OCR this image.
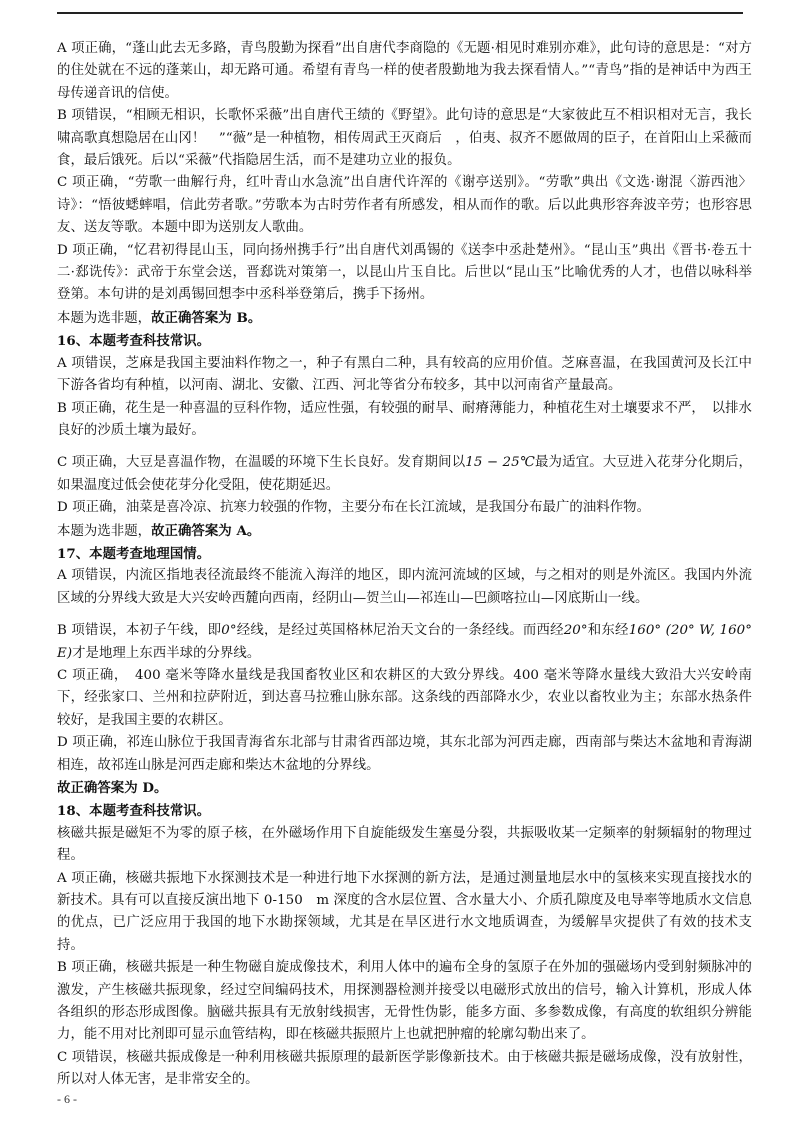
A 项正确，“蓬山此去无多路，青鸟殷勤为探看”出自唐代李商隐的《无题·相见时难别亦难》，此句诗的意思是：“对方的住处就在不远的蓬莱山，却无路可通。希望有青鸟一样的使者殷勤地为我去探看情人。”“青鸟”指的是神话中为西王母传递音讯的信使。

B 项错误，“相顾无相识，长歌怀采薇”出自唐代王绩的《野望》。此句诗的意思是“大家彼此互不相识相对无言，我长啸高歌真想隐居在山冈！　”“薇”是一种植物，相传周武王灭商后　，伯夷、叔齐不愿做周的臣子，在首阳山上采薇而食，最后饿死。后以“采薇”代指隐居生活，而不是建功立业的报负。

C 项正确，“劳歌一曲解行舟，红叶青山水急流”出自唐代许浑的《谢亭送别》。“劳歌”典出《文选·谢混〈游西池〉诗》：“悟彼蟋蟀唱，信此劳者歌。”劳歌本为古时劳作者有所感发，相从而作的歌。后以此典形容奔波辛劳；也形容思友、送友等歌。本题中即为送别友人歌曲。

D 项正确，“忆君初得昆山玉，同向扬州携手行”出自唐代刘禹锡的《送李中丞赴楚州》。“昆山玉”典出《晋书·卷五十二·郄诜传》：武帝于东堂会送，晋郄诜对策第一，以昆山片玉自比。后世以“昆山玉”比喻优秀的人才，也借以咏科举登第。本句讲的是刘禹锡回想李中丞科举登第后，携手下扬州。

本题为选非题，故正确答案为 B。

16、本题考查科技常识。

A 项错误，芝麻是我国主要油料作物之一，种子有黑白二种，具有较高的应用价值。芝麻喜温，在我国黄河及长江中下游各省均有种植，以河南、湖北、安徽、江西、河北等省分布较多，其中以河南省产量最高。

B 项正确，花生是一种喜温的豆科作物，适应性强，有较强的耐旱、耐瘠薄能力，种植花生对土壤要求不严，　以排水良好的沙质土壤为最好。

C 项正确，大豆是喜温作物，在温暖的环境下生长良好。发育期间以15 − 25℃最为适宜。大豆进入花芽分化期后，如果温度过低会使花芽分化受阻，使花期延迟。

D 项正确，油菜是喜冷凉、抗寒力较强的作物，主要分布在长江流域，是我国分布最广的油料作物。

本题为选非题，故正确答案为 A。

17、本题考查地理国情。

A 项错误，内流区指地表径流最终不能流入海洋的地区，即内流河流域的区域，与之相对的则是外流区。我国内外流区域的分界线大致是大兴安岭西麓向西南，经阴山—贺兰山—祁连山—巴颜喀拉山—冈底斯山一线。

B 项错误，本初子午线，即0°经线，是经过英国格林尼治天文台的一条经线。而西经20°和东经160° (20° W, 160° E)才是地理上东西半球的分界线。

C 项正确，　400 毫米等降水量线是我国畜牧业区和农耕区的大致分界线。400 毫米等降水量线大致沿大兴安岭南下，经张家口、兰州和拉萨附近，到达喜马拉雅山脉东部。这条线的西部降水少，农业以畜牧业为主；东部水热条件较好，是我国主要的农耕区。

D 项正确，祁连山脉位于我国青海省东北部与甘肃省西部边境，其东北部为河西走廊，西南部与柴达木盆地和青海湖相连，故祁连山脉是河西走廊和柴达木盆地的分界线。

故正确答案为 D。

18、本题考查科技常识。

核磁共振是磁矩不为零的原子核，在外磁场作用下自旋能级发生塞曼分裂，共振吸收某一定频率的射频辐射的物理过程。

A 项正确，核磁共振地下水探测技术是一种进行地下水探测的新方法，是通过测量地层水中的氢核来实现直接找水的新技术。具有可以直接反演出地下 0-150　m 深度的含水层位置、含水量大小、介质孔隙度及电导率等地质水文信息的优点，已广泛应用于我国的地下水勘探领域，尤其是在旱区进行水文地质调查，为缓解旱灾提供了有效的技术支持。

B 项正确，核磁共振是一种生物磁自旋成像技术，利用人体中的遍布全身的氢原子在外加的强磁场内受到射频脉冲的激发，产生核磁共振现象，经过空间编码技术，用探测器检测并接受以电磁形式放出的信号，输入计算机，形成人体各组织的形态形成图像。脑磁共振具有无放射线损害，无骨性伪影，能多方面、多参数成像，有高度的软组织分辨能力，能不用对比剂即可显示血管结构，即在核磁共振照片上也就把肿瘤的轮廓勾勒出来了。

C 项错误，核磁共振成像是一种利用核磁共振原理的最新医学影像新技术。由于核磁共振是磁场成像，没有放射性，所以对人体无害，是非常安全的。

- 6 -
